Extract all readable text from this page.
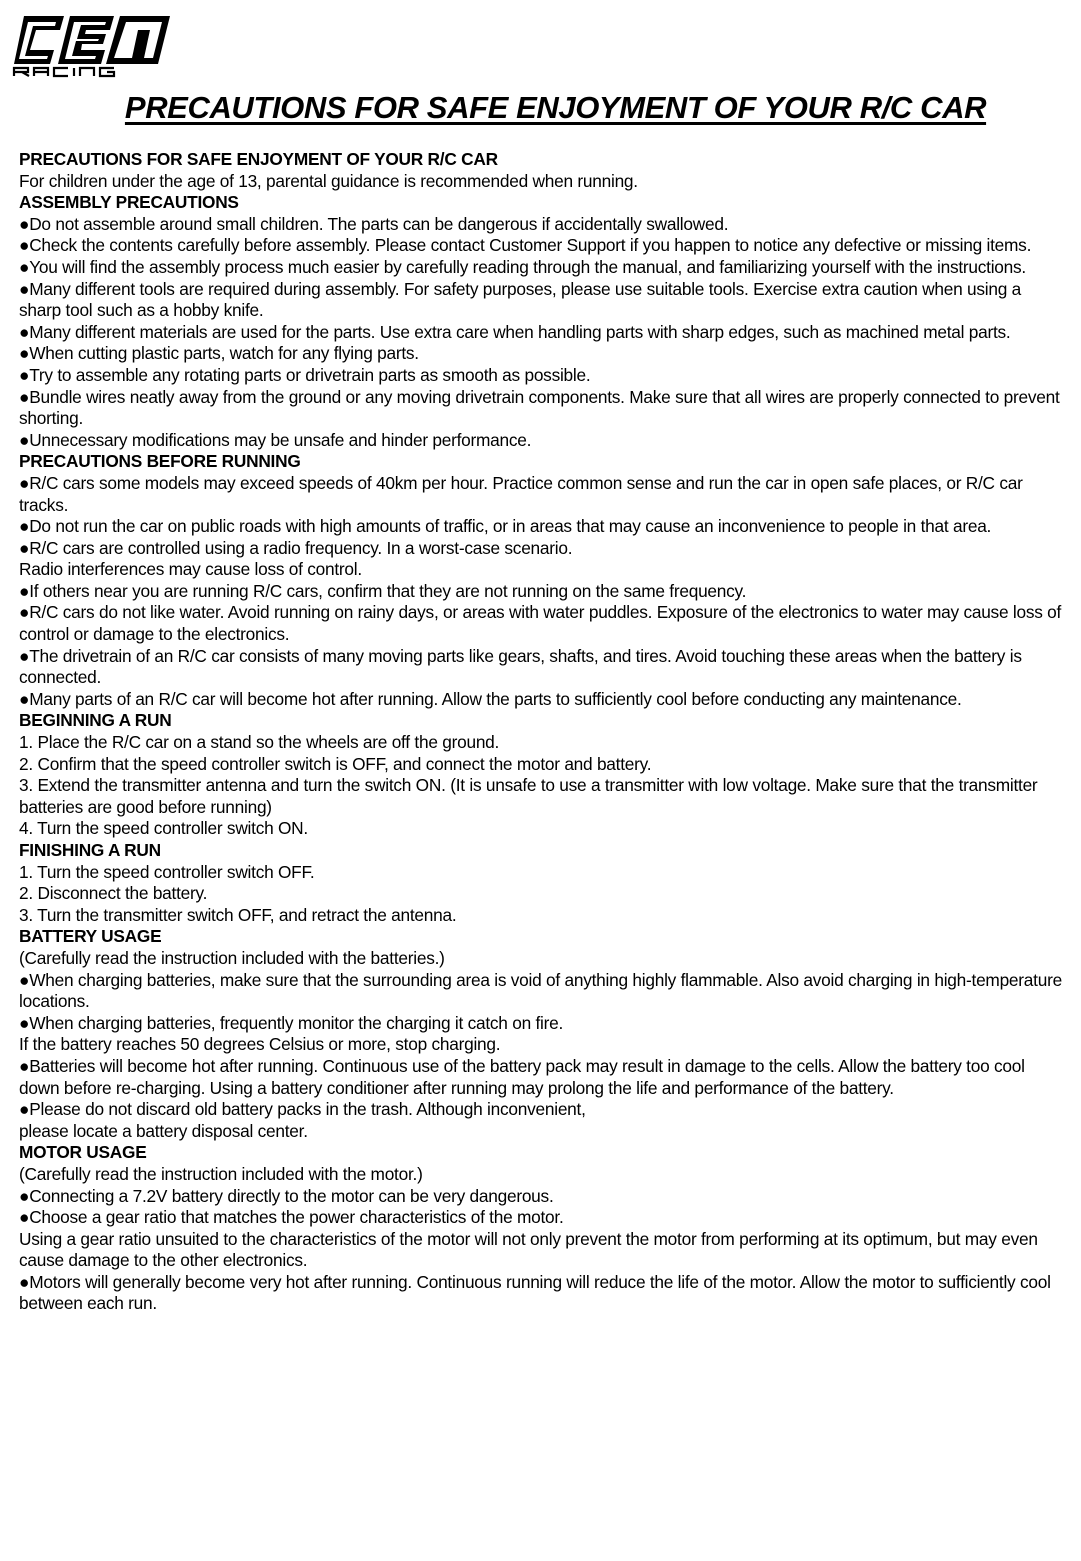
PRECAUTIONS FOR SAFE ENJOYMENT OF YOUR R/C CAR

PRECAUTIONS FOR SAFE ENJOYMENT OF YOUR R/C CAR

For children under the age of 13, parental guidance is recommended when running.

ASSEMBLY PRECAUTIONS

● Do not assemble around small children. The parts can be dangerous if accidentally swallowed.

● Check the contents carefully before assembly. Please contact Customer Support if you happen to notice any defective or missing items.

● You will find the assembly process much easier by carefully reading through the manual, and familiarizing yourself with the instructions.

● Many different tools are required during assembly. For safety purposes, please use suitable tools. Exercise extra caution when using a sharp tool such as a hobby knife.

● Many different materials are used for the parts. Use extra care when handling parts with sharp edges, such as machined metal parts.

● When cutting plastic parts, watch for any flying parts.

● Try to assemble any rotating parts or drivetrain parts as smooth as possible.

● Bundle wires neatly away from the ground or any moving drivetrain components. Make sure that all wires are properly connected to prevent shorting.

● Unnecessary modifications may be unsafe and hinder performance.

PRECAUTIONS BEFORE RUNNING

● R/C cars some models may exceed speeds of 40km per hour. Practice common sense and run the car in open safe places, or R/C car tracks.

● Do not run the car on public roads with high amounts of traffic, or in areas that may cause an inconvenience to people in that area.

● R/C cars are controlled using a radio frequency. In a worst-case scenario.

Radio interferences may cause loss of control.

● If others near you are running R/C cars, confirm that they are not running on the same frequency.

● R/C cars do not like water. Avoid running on rainy days, or areas with water puddles. Exposure of the electronics to water may cause loss of control or damage to the electronics.

● The drivetrain of an R/C car consists of many moving parts like gears, shafts, and tires. Avoid touching these areas when the battery is connected.

● Many parts of an R/C car will become hot after running. Allow the parts to sufficiently cool before conducting any maintenance.

BEGINNING A RUN

1. Place the R/C car on a stand so the wheels are off the ground.

2. Confirm that the speed controller switch is OFF, and connect the motor and battery.

3. Extend the transmitter antenna and turn the switch ON. (It is unsafe to use a transmitter with low voltage. Make sure that the transmitter batteries are good before running)

4. Turn the speed controller switch ON.

FINISHING A RUN

1. Turn the speed controller switch OFF.

2. Disconnect the battery.

3. Turn the transmitter switch OFF, and retract the antenna.

BATTERY USAGE

(Carefully read the instruction included with the batteries.)

● When charging batteries, make sure that the surrounding area is void of anything highly flammable. Also avoid charging in high-temperature locations.

● When charging batteries, frequently monitor the charging it catch on fire.

If the battery reaches 50 degrees Celsius or more, stop charging.

● Batteries will become hot after running. Continuous use of the battery pack may result in damage to the cells. Allow the battery too cool down before re-charging. Using a battery conditioner after running may prolong the life and performance of the battery.

● Please do not discard old battery packs in the trash. Although inconvenient,

please locate a battery disposal center.

MOTOR USAGE

(Carefully read the instruction included with the motor.)

● Connecting a 7.2V battery directly to the motor can be very dangerous.

● Choose a gear ratio that matches the power characteristics of the motor.

Using a gear ratio unsuited to the characteristics of the motor will not only prevent the motor from performing at its optimum, but may even cause damage to the other electronics.

● Motors will generally become very hot after running. Continuous running will reduce the life of the motor. Allow the motor to sufficiently cool between each run.
